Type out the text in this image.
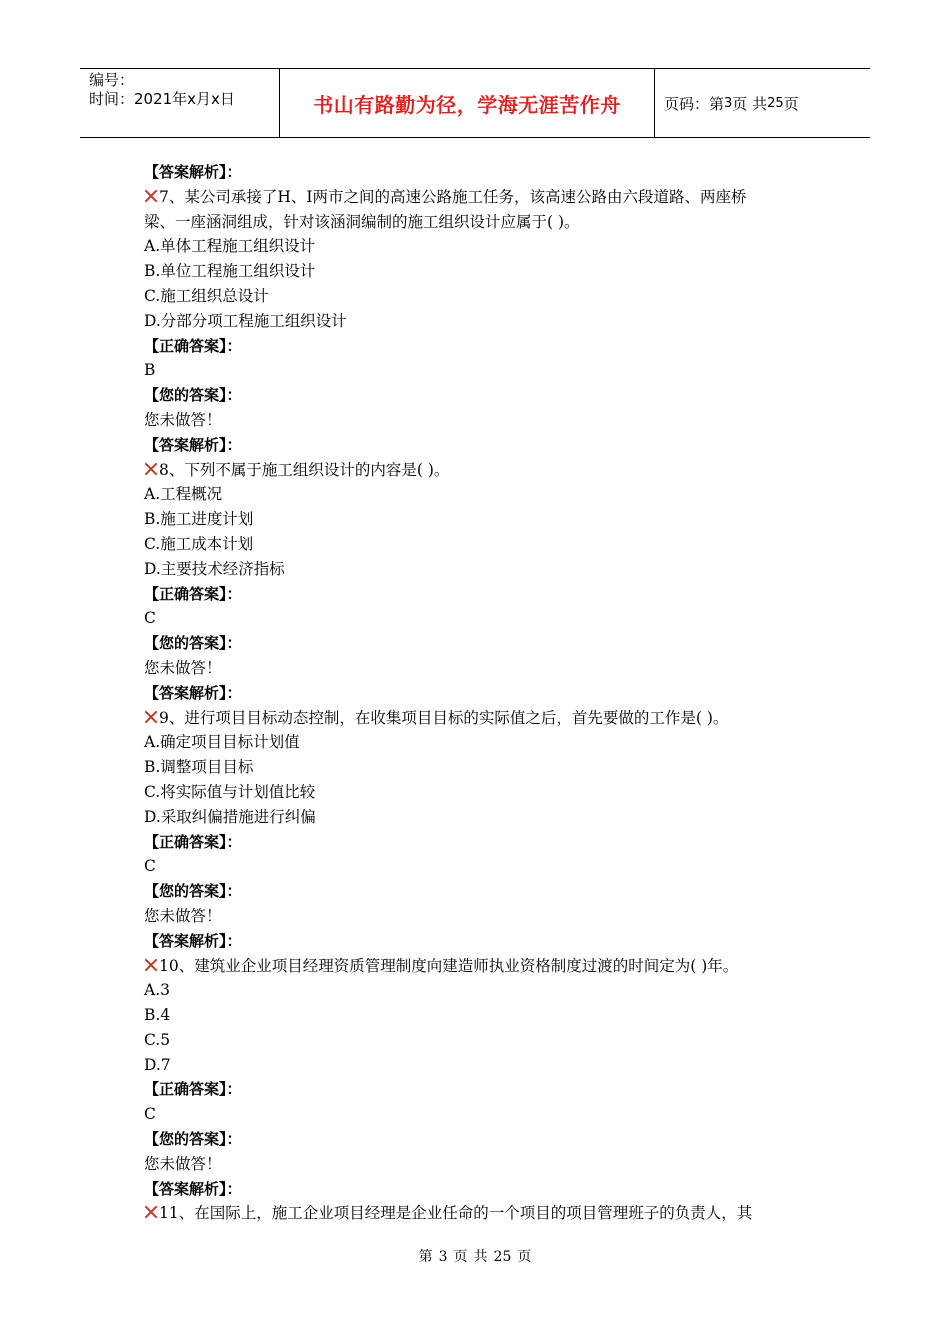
编号：
时间：2021年x月x日	书山有路勤为径，学海无涯苦作舟	页码：第 3 页 共 25 页
【答案解析】：
7、某公司承接了H、I两市之间的高速公路施工任务，该高速公路由六段道路、两座桥
梁、一座涵洞组成，针对该涵洞编制的施工组织设计应属于( )。
A.单体工程施工组织设计
B.单位工程施工组织设计
C.施工组织总设计
D.分部分项工程施工组织设计
【正确答案】：
B
【您的答案】：
您未做答！
【答案解析】：
8、下列不属于施工组织设计的内容是( )。
A.工程概况
B.施工进度计划
C.施工成本计划
D.主要技术经济指标
【正确答案】：
C
【您的答案】：
您未做答！
【答案解析】：
9、进行项目目标动态控制，在收集项目目标的实际值之后，首先要做的工作是( )。
A.确定项目目标计划值
B.调整项目目标
C.将实际值与计划值比较
D.采取纠偏措施进行纠偏
【正确答案】：
C
【您的答案】：
您未做答！
【答案解析】：
10、建筑业企业项目经理资质管理制度向建造师执业资格制度过渡的时间定为( )年。
A.3
B.4
C.5
D.7
【正确答案】：
C
【您的答案】：
您未做答！
【答案解析】：
11、在国际上，施工企业项目经理是企业任命的一个项目的项目管理班子的负责人，其
第 3 页 共 25 页
